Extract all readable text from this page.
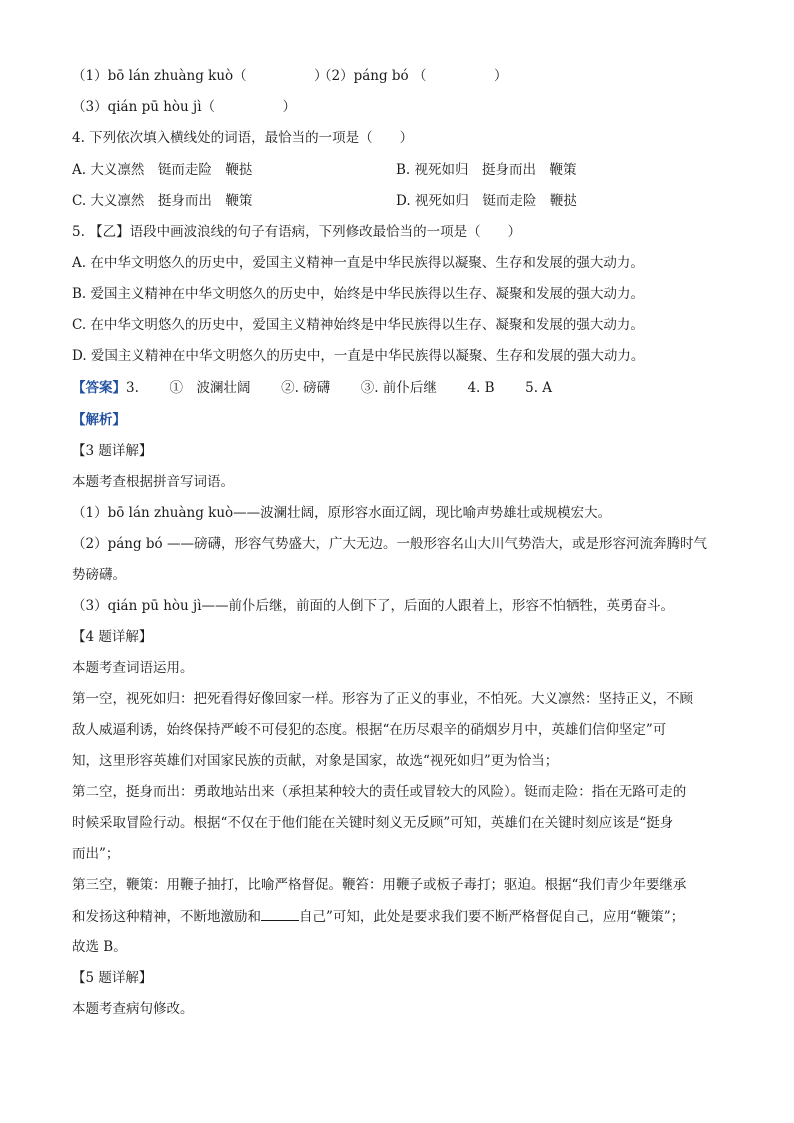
（1）bō lán zhuàng kuò（　　　　　）
（2）páng bó （　　　　　）
（3）qián pū hòu jì（　　　　　）
4. 下列依次填入横线处的词语，最恰当的一项是（　　）
A. 大义凛然　铤而走险　鞭挞	B. 视死如归　挺身而出　鞭策
C. 大义凛然　挺身而出　鞭策	D. 视死如归　铤而走险　鞭挞
5. 【乙】语段中画波浪线的句子有语病，下列修改最恰当的一项是（　　）
A. 在中华文明悠久的历史中，爱国主义精神一直是中华民族得以凝聚、生存和发展的强大动力。
B. 爱国主义精神在中华文明悠久的历史中，始终是中华民族得以生存、凝聚和发展的强大动力。
C. 在中华文明悠久的历史中，爱国主义精神始终是中华民族得以生存、凝聚和发展的强大动力。
D. 爱国主义精神在中华文明悠久的历史中，一直是中华民族得以凝聚、生存和发展的强大动力。
【答案】3. ①　波澜壮阔 ②. 磅礴 ③. 前仆后继 4. B 5. A
【解析】
【3 题详解】
本题考查根据拼音写词语。
（1）bō lán zhuàng kuò——波澜壮阔，原形容水面辽阔，现比喻声势雄壮或规模宏大。
（2）páng bó ——磅礴，形容气势盛大，广大无边。一般形容名山大川气势浩大，或是形容河流奔腾时气
势磅礴。
（3）qián pū hòu jì——前仆后继，前面的人倒下了，后面的人跟着上，形容不怕牺牲，英勇奋斗。
【4 题详解】
本题考查词语运用。
第一空，视死如归：把死看得好像回家一样。形容为了正义的事业，不怕死。大义凛然：坚持正义，不顾
敌人威逼利诱，始终保持严峻不可侵犯的态度。根据“在历尽艰辛的硝烟岁月中，英雄们信仰坚定”可
知，这里形容英雄们对国家民族的贡献，对象是国家，故选“视死如归”更为恰当；
第二空，挺身而出：勇敢地站出来（承担某种较大的责任或冒较大的风险）。铤而走险：指在无路可走的
时候采取冒险行动。根据“不仅在于他们能在关键时刻义无反顾”可知，英雄们在关键时刻应该是“挺身
而出”；
第三空，鞭策：用鞭子抽打，比喻严格督促。鞭笞：用鞭子或板子毒打；驱迫。根据“我们青少年要继承
和发扬这种精神，不断地激励和	自己”可知，此处是要求我们要不断严格督促自己，应用“鞭策”；
故选 B。
【5 题详解】
本题考查病句修改。
